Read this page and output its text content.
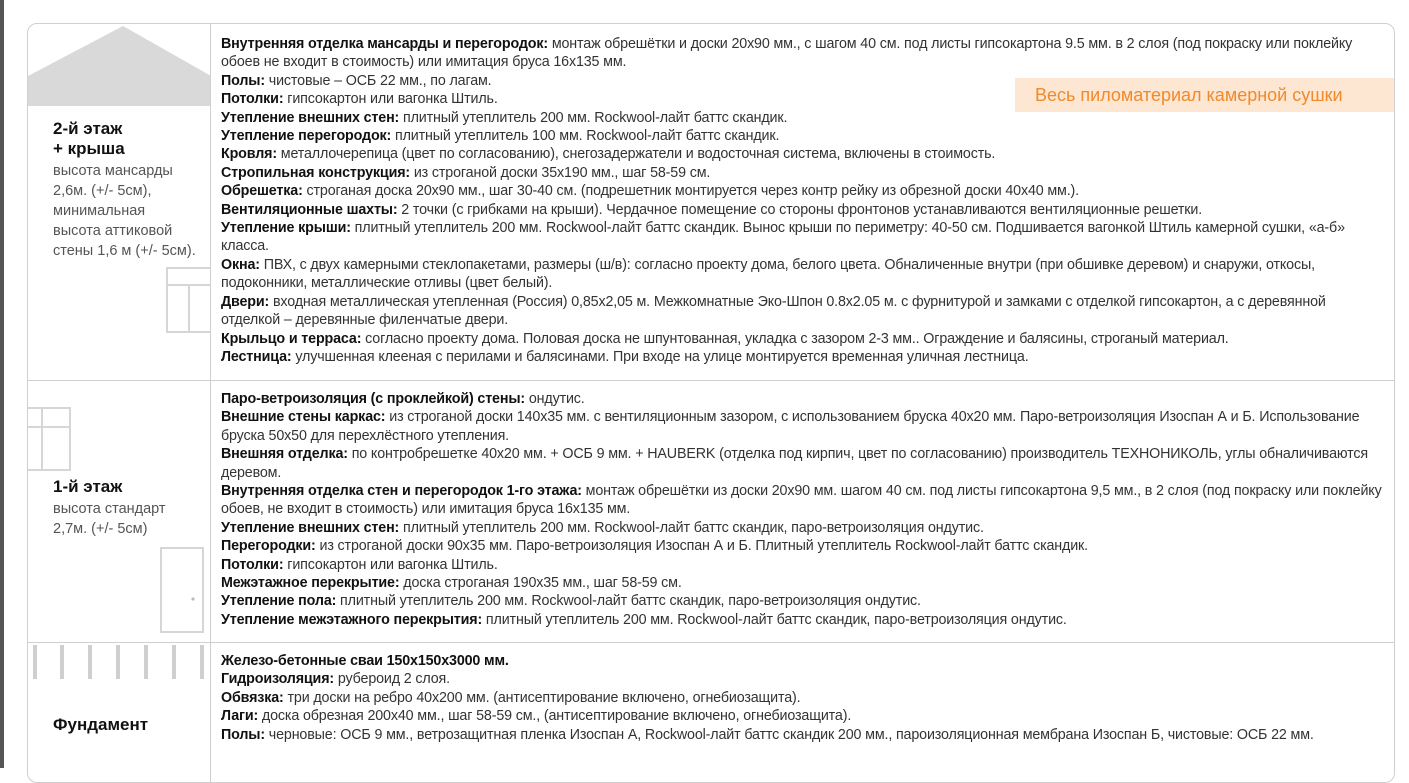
2-й этаж
+ крыша
высота мансарды
2,6м. (+/- 5см),
минимальная
высота аттиковой
стены 1,6 м (+/- 5см).

Внутренняя отделка мансарды и перегородок: монтаж обрешётки и доски 20х90 мм., с шагом 40 см. под листы гипсокартона 9.5 мм. в 2 слоя (под покраску или поклейку обоев не входит в стоимость) или имитация бруса 16х135 мм.

Полы: чистовые – ОСБ 22 мм., по лагам.

Потолки: гипсокартон или вагонка Штиль.

Утепление внешних стен: плитный утеплитель 200 мм. Rockwool-лайт баттс скандик.

Утепление перегородок: плитный утеплитель 100 мм. Rockwool-лайт баттс скандик.

Кровля: металлочерепица (цвет по согласованию), снегозадержатели и водосточная система, включены в стоимость.

Стропильная конструкция: из строганой доски 35х190 мм., шаг 58-59 см.

Обрешетка: строганая доска 20х90 мм., шаг 30-40 см. (подрешетник монтируется через контр рейку из обрезной доски 40х40 мм.).

Вентиляционные шахты: 2 точки (с грибками на крыши). Чердачное помещение со стороны фронтонов устанавливаются вентиляционные решетки.

Утепление крыши: плитный утеплитель 200 мм. Rockwool-лайт баттс скандик. Вынос крыши по периметру: 40-50 см. Подшивается вагонкой Штиль камерной сушки, «а-б» класса.

Окна: ПВХ, с двух камерными стеклопакетами, размеры (ш/в): согласно проекту дома, белого цвета. Обналиченные внутри (при обшивке деревом) и снаружи, откосы, подоконники, металлические отливы (цвет белый).

Двери: входная металлическая утепленная (Россия) 0,85х2,05 м. Межкомнатные Эко-Шпон 0.8х2.05 м. с фурнитурой и замками с отделкой гипсокартон, а с деревянной отделкой – деревянные филенчатые двери.

Крыльцо и терраса: согласно проекту дома. Половая доска не шпунтованная, укладка с зазором 2-3 мм.. Ограждение и балясины, строганый материал.

Лестница: улучшенная клееная с перилами и балясинами. При входе на улице монтируется временная уличная лестница.

Весь пиломатериал камерной сушки
1-й этаж
высота стандарт
2,7м. (+/- 5см)

Паро-ветроизоляция (с проклейкой) стены: ондутис.

Внешние стены каркас: из строганой доски 140х35 мм. с вентиляционным зазором, с использованием бруска 40х20 мм. Паро-ветроизоляция Изоспан А и Б. Использование бруска 50х50 для перехлёстного утепления.

Внешняя отделка: по контробрешетке 40х20 мм. + ОСБ 9 мм. + HAUBERK (отделка под кирпич, цвет по согласованию) производитель ТЕХНОНИКОЛЬ, углы обналичиваются деревом.

Внутренняя отделка стен и перегородок 1-го этажа: монтаж обрешётки из доски 20х90 мм. шагом 40 см. под листы гипсокартона 9,5 мм., в 2 слоя (под покраску или поклейку обоев, не входит в стоимость) или имитация бруса 16х135 мм.

Утепление внешних стен: плитный утеплитель 200 мм. Rockwool-лайт баттс скандик, паро-ветроизоляция ондутис.

Перегородки: из строганой доски 90х35 мм. Паро-ветроизоляция Изоспан А и Б. Плитный утеплитель Rockwool-лайт баттс скандик.

Потолки: гипсокартон или вагонка Штиль.

Межэтажное перекрытие: доска строганая 190х35 мм., шаг 58-59 см.

Утепление пола: плитный утеплитель 200 мм. Rockwool-лайт баттс скандик, паро-ветроизоляция ондутис.

Утепление межэтажного перекрытия: плитный утеплитель 200 мм. Rockwool-лайт баттс скандик, паро-ветроизоляция ондутис.

Фундамент

Железо-бетонные сваи 150х150х3000 мм.

Гидроизоляция: рубероид 2 слоя.

Обвязка: три доски на ребро 40х200 мм. (антисептирование включено, огнебиозащита).

Лаги: доска обрезная 200х40 мм., шаг 58-59 см., (антисептирование включено, огнебиозащита).

Полы: черновые: ОСБ 9 мм., ветрозащитная пленка Изоспан А, Rockwool-лайт баттс скандик 200 мм., пароизоляционная мембрана Изоспан Б, чистовые: ОСБ 22 мм.
